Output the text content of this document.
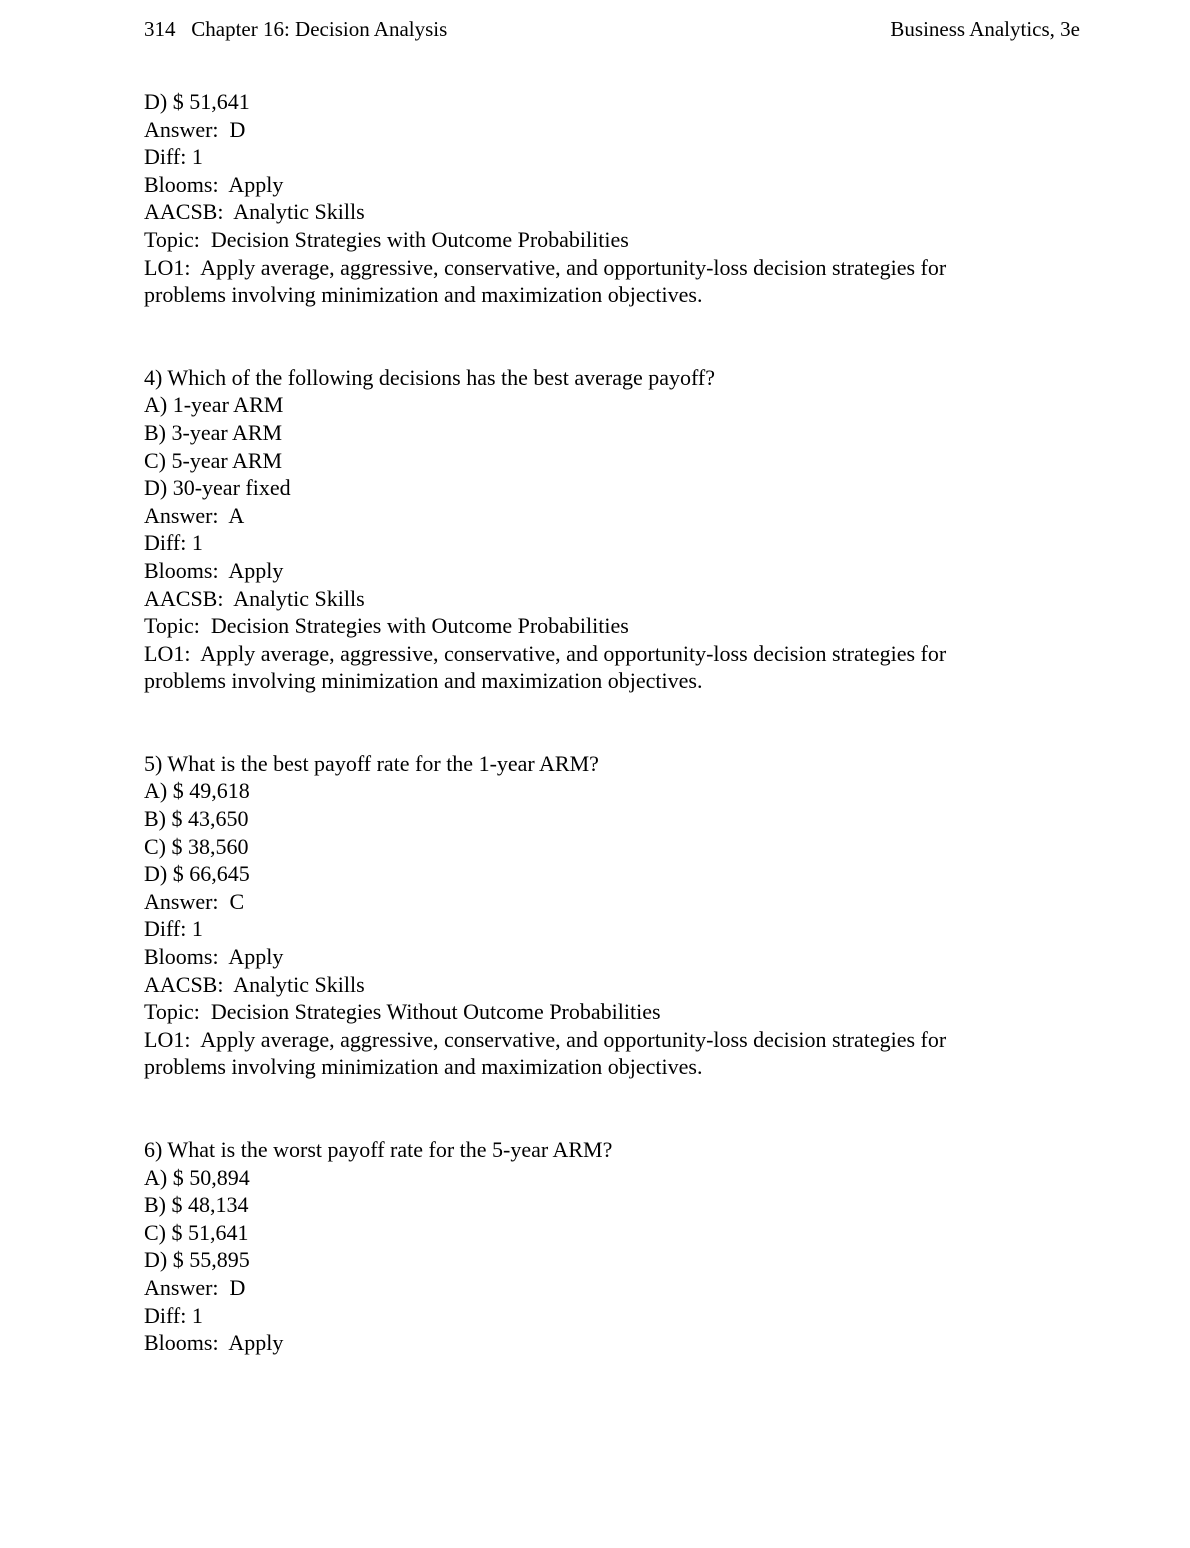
314   Chapter 16: Decision Analysis	Business Analytics, 3e
D) $ 51,641
Answer:  D
Diff: 1
Blooms:  Apply
AACSB:  Analytic Skills
Topic:  Decision Strategies with Outcome Probabilities
LO1:  Apply average, aggressive, conservative, and opportunity-loss decision strategies for
problems involving minimization and maximization objectives.
4) Which of the following decisions has the best average payoff?
A) 1-year ARM
B) 3-year ARM
C) 5-year ARM
D) 30-year fixed
Answer:  A
Diff: 1
Blooms:  Apply
AACSB:  Analytic Skills
Topic:  Decision Strategies with Outcome Probabilities
LO1:  Apply average, aggressive, conservative, and opportunity-loss decision strategies for
problems involving minimization and maximization objectives.
5) What is the best payoff rate for the 1-year ARM?
A) $ 49,618
B) $ 43,650
C) $ 38,560
D) $ 66,645
Answer:  C
Diff: 1
Blooms:  Apply
AACSB:  Analytic Skills
Topic:  Decision Strategies Without Outcome Probabilities
LO1:  Apply average, aggressive, conservative, and opportunity-loss decision strategies for
problems involving minimization and maximization objectives.
6) What is the worst payoff rate for the 5-year ARM?
A) $ 50,894
B) $ 48,134
C) $ 51,641
D) $ 55,895
Answer:  D
Diff: 1
Blooms:  Apply
